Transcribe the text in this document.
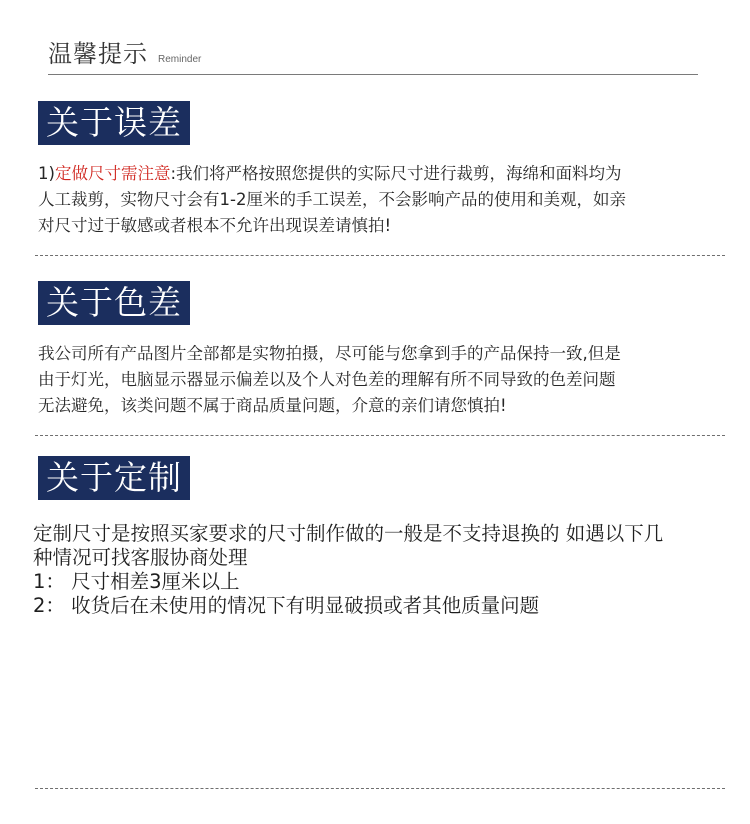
温馨提示 Reminder
关于误差
1)定做尺寸需注意:我们将严格按照您提供的实际尺寸进行裁剪，海绵和面料均为
人工裁剪，实物尺寸会有1-2厘米的手工误差，不会影响产品的使用和美观，如亲
对尺寸过于敏感或者根本不允许出现误差请慎拍!
关于色差
我公司所有产品图片全部都是实物拍摄，尽可能与您拿到手的产品保持一致,但是
由于灯光，电脑显示器显示偏差以及个人对色差的理解有所不同导致的色差问题
无法避免，该类问题不属于商品质量问题，介意的亲们请您慎拍!
关于定制
定制尺寸是按照买家要求的尺寸制作做的一般是不支持退换的 如遇以下几
种情况可找客服协商处理
1： 尺寸相差3厘米以上
2： 收货后在未使用的情况下有明显破损或者其他质量问题
